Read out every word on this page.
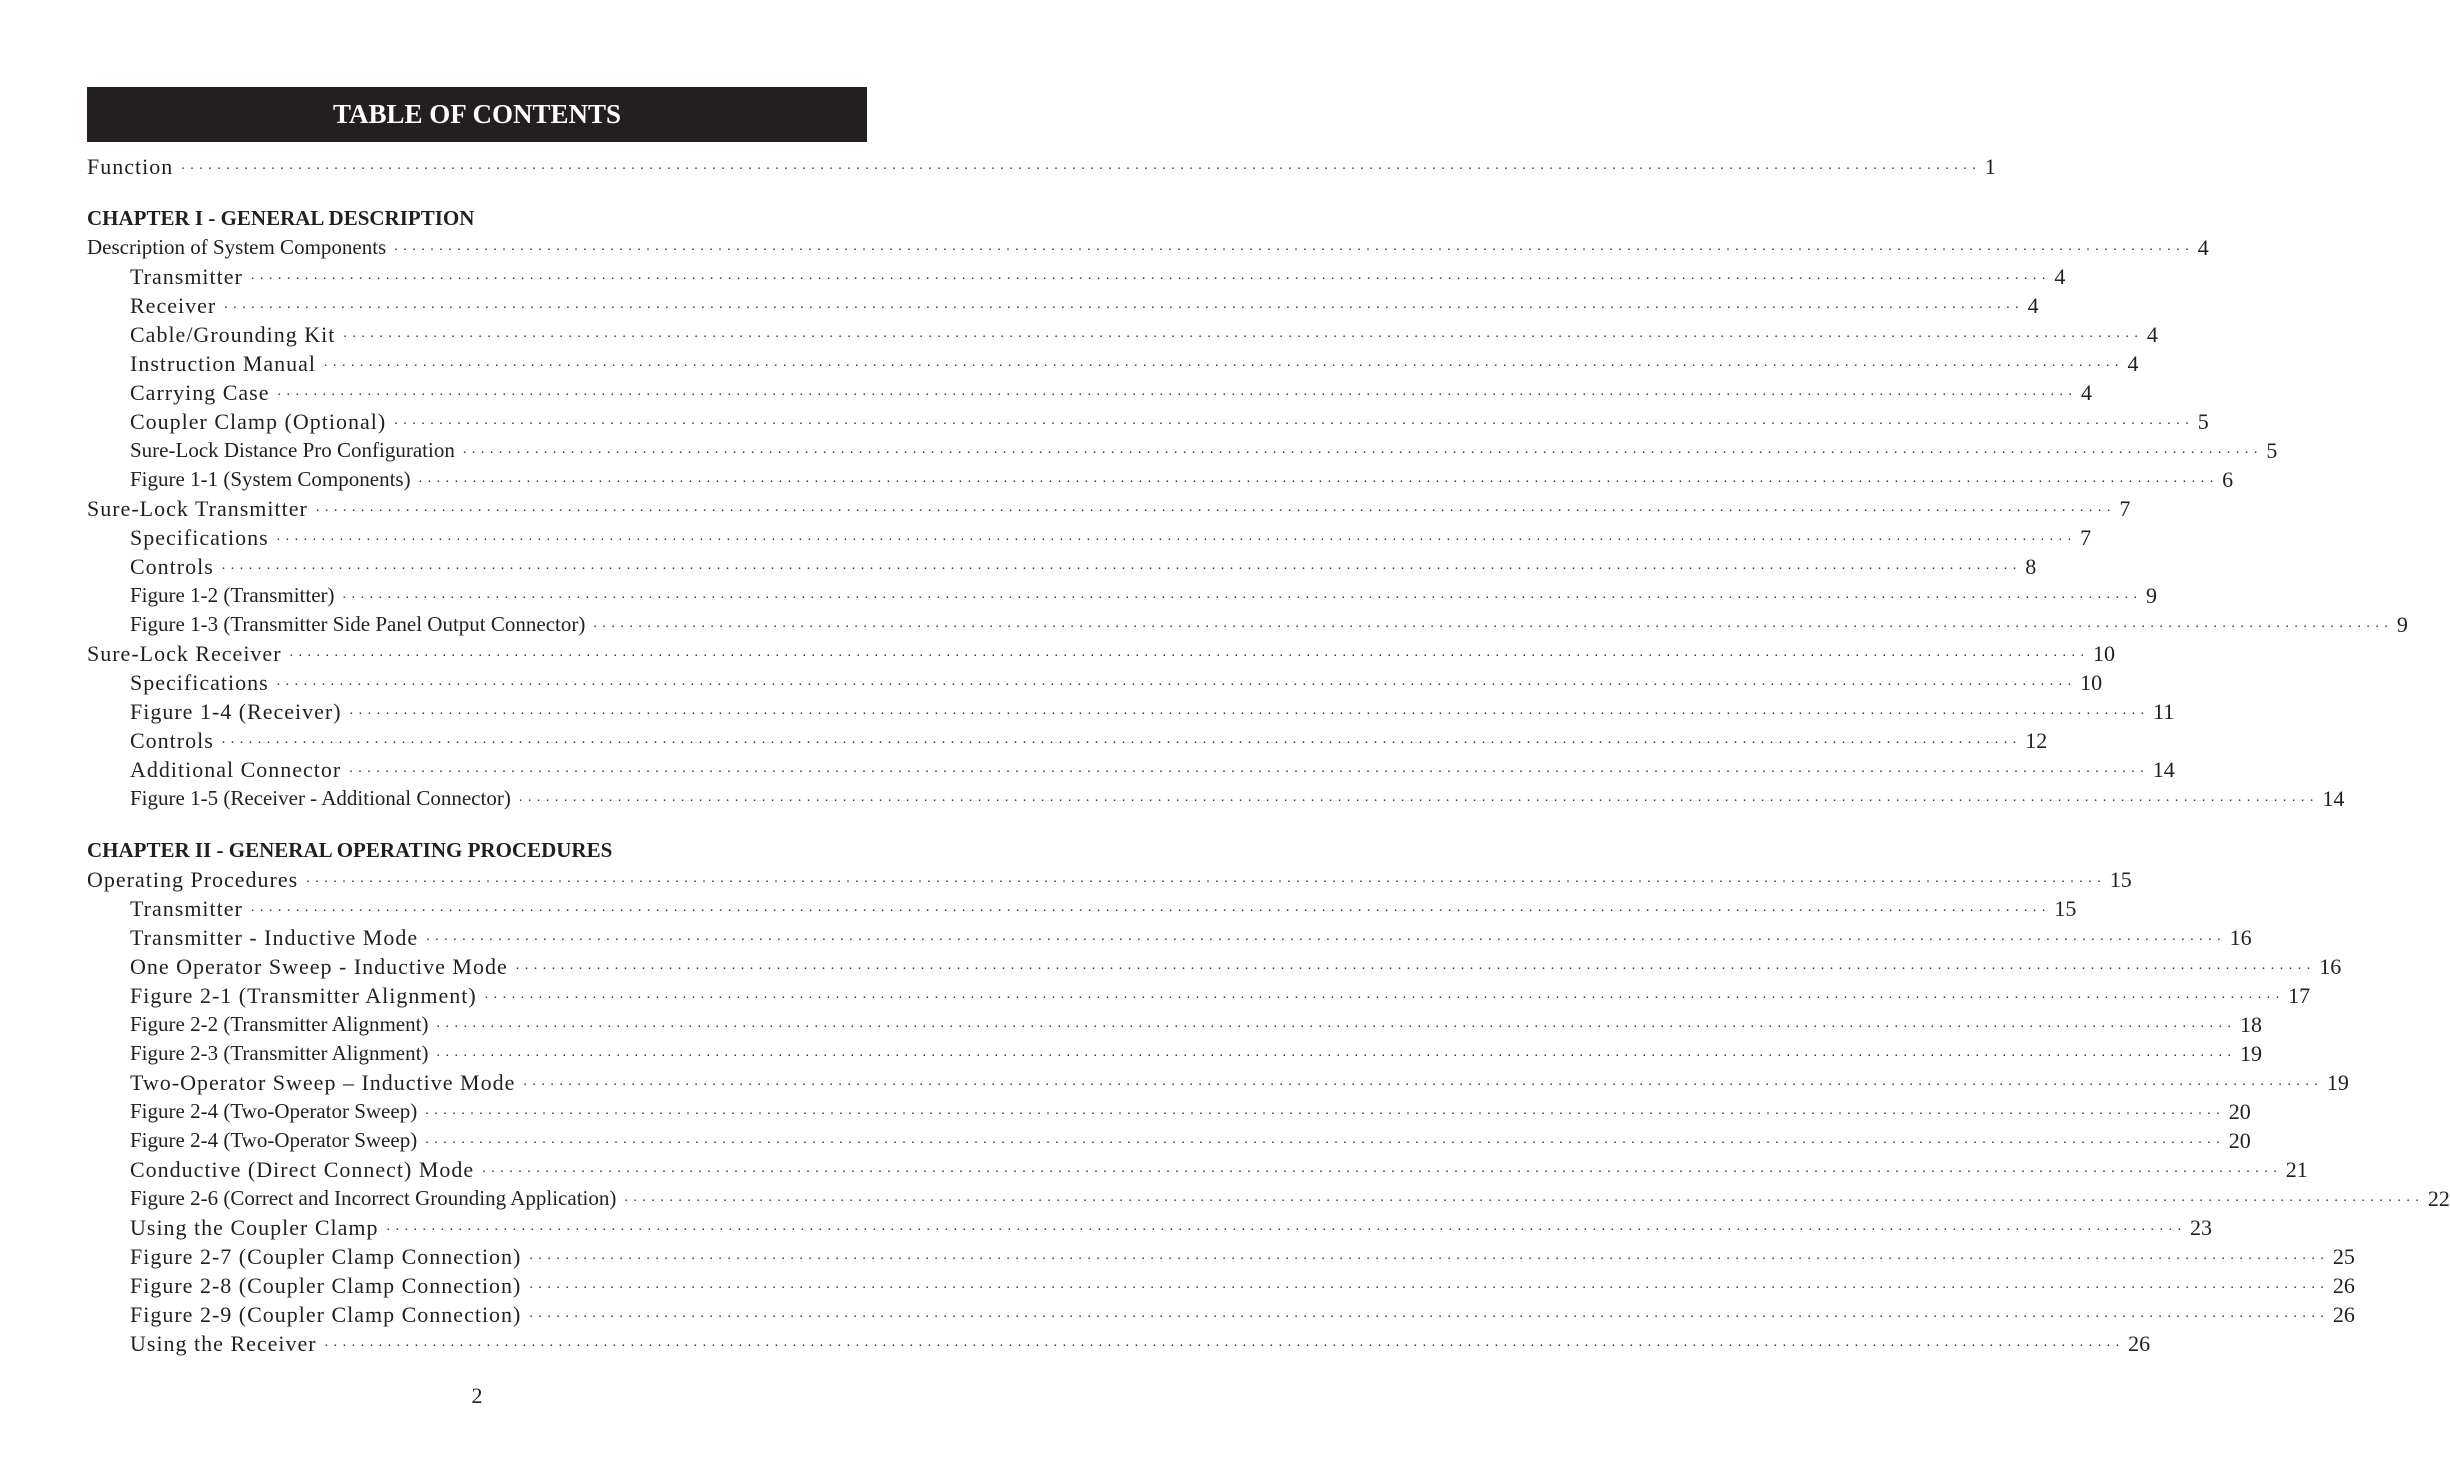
TABLE OF CONTENTS
Function . . . . . . . . . . . . . . . . . . . . . . . . . . . . . . . . . . . . . . . . . . . . . . . . . . . . . . . . . . . . . . . . . . . . . . . . . . . . . . . . . . . . . . . . . . . . . . . . . . . . . . . . . . . . . . . . . . . . . . . . . . . . . . . . . . . . . . . . . . . . . . . . . . . . . . . . . . . . . . . . . . . . . . . . . . . . . . . . . . . . . . . . . . . . . . . . . . . . . . . . 1
CHAPTER I - GENERAL DESCRIPTION
Description of System Components . . . . . . . . . . . . . . . . . . . . . . . . . . . . . . . . . . . . . . . . . . . . . . . . . . . . . . . . . . . . . . . . . . . . . . . . . . . . . . . . . . . . . . . . . . . . . . . . . . . . . . . . . . . . . . . . . . . . . . . . . . . . . . . . . . . . . . . . . . . . . . . . . . . . . . . . . . . . . . . . . . . . . . . . . . . . . . . . . . . . . . . . . . . . . . . . . . . . . . . . 4
Transmitter . . . . . . . . . . . . . . . . . . . . . . . . . . . . . . . . . . . . . . . . . . . . . . . . . . . . . . . . . . . . . . . . . . . . . . . . . . . . . . . . . . . . . . . . . . . . . . . . . . . . . . . . . . . . . . . . . . . . . . . . . . . . . . . . . . . . . . . . . . . . . . . . . . . . . . . . . . . . . . . . . . . . . . . . . . . . . . . . . . . . . . . . . . . . . . . . . . . . . . . . 4
Receiver . . . . . . . . . . . . . . . . . . . . . . . . . . . . . . . . . . . . . . . . . . . . . . . . . . . . . . . . . . . . . . . . . . . . . . . . . . . . . . . . . . . . . . . . . . . . . . . . . . . . . . . . . . . . . . . . . . . . . . . . . . . . . . . . . . . . . . . . . . . . . . . . . . . . . . . . . . . . . . . . . . . . . . . . . . . . . . . . . . . . . . . . . . . . . . . . . . . . . . . . 4
Cable/Grounding Kit . . . . . . . . . . . . . . . . . . . . . . . . . . . . . . . . . . . . . . . . . . . . . . . . . . . . . . . . . . . . . . . . . . . . . . . . . . . . . . . . . . . . . . . . . . . . . . . . . . . . . . . . . . . . . . . . . . . . . . . . . . . . . . . . . . . . . . . . . . . . . . . . . . . . . . . . . . . . . . . . . . . . . . . . . . . . . . . . . . . . . . . . . . . . . . . . . . . . . . . . 4
Instruction Manual . . . . . . . . . . . . . . . . . . . . . . . . . . . . . . . . . . . . . . . . . . . . . . . . . . . . . . . . . . . . . . . . . . . . . . . . . . . . . . . . . . . . . . . . . . . . . . . . . . . . . . . . . . . . . . . . . . . . . . . . . . . . . . . . . . . . . . . . . . . . . . . . . . . . . . . . . . . . . . . . . . . . . . . . . . . . . . . . . . . . . . . . . . . . . . . . . . . . . . . . 4
Carrying Case . . . . . . . . . . . . . . . . . . . . . . . . . . . . . . . . . . . . . . . . . . . . . . . . . . . . . . . . . . . . . . . . . . . . . . . . . . . . . . . . . . . . . . . . . . . . . . . . . . . . . . . . . . . . . . . . . . . . . . . . . . . . . . . . . . . . . . . . . . . . . . . . . . . . . . . . . . . . . . . . . . . . . . . . . . . . . . . . . . . . . . . . . . . . . . . . . . . . . . . . 4
Coupler Clamp (Optional) . . . . . . . . . . . . . . . . . . . . . . . . . . . . . . . . . . . . . . . . . . . . . . . . . . . . . . . . . . . . . . . . . . . . . . . . . . . . . . . . . . . . . . . . . . . . . . . . . . . . . . . . . . . . . . . . . . . . . . . . . . . . . . . . . . . . . . . . . . . . . . . . . . . . . . . . . . . . . . . . . . . . . . . . . . . . . . . . . . . . . . . . . . . . . . . . . . . . . . . . 5
Sure-Lock Distance Pro Configuration . . . . . . . . . . . . . . . . . . . . . . . . . . . . . . . . . . . . . . . . . . . . . . . . . . . . . . . . . . . . . . . . . . . . . . . . . . . . . . . . . . . . . . . . . . . . . . . . . . . . . . . . . . . . . . . . . . . . . . . . . . . . . . . . . . . . . . . . . . . . . . . . . . . . . . . . . . . . . . . . . . . . . . . . . . . . . . . . . . . . . . . . . . . . . . . . . . . . . . . . 5
Figure 1-1 (System Components) . . . . . . . . . . . . . . . . . . . . . . . . . . . . . . . . . . . . . . . . . . . . . . . . . . . . . . . . . . . . . . . . . . . . . . . . . . . . . . . . . . . . . . . . . . . . . . . . . . . . . . . . . . . . . . . . . . . . . . . . . . . . . . . . . . . . . . . . . . . . . . . . . . . . . . . . . . . . . . . . . . . . . . . . . . . . . . . . . . . . . . . . . . . . . . . . . . . . . . . . 6
Sure-Lock Transmitter . . . . . . . . . . . . . . . . . . . . . . . . . . . . . . . . . . . . . . . . . . . . . . . . . . . . . . . . . . . . . . . . . . . . . . . . . . . . . . . . . . . . . . . . . . . . . . . . . . . . . . . . . . . . . . . . . . . . . . . . . . . . . . . . . . . . . . . . . . . . . . . . . . . . . . . . . . . . . . . . . . . . . . . . . . . . . . . . . . . . . . . . . . . . . . . . . . . . . . . . 7
Specifications . . . . . . . . . . . . . . . . . . . . . . . . . . . . . . . . . . . . . . . . . . . . . . . . . . . . . . . . . . . . . . . . . . . . . . . . . . . . . . . . . . . . . . . . . . . . . . . . . . . . . . . . . . . . . . . . . . . . . . . . . . . . . . . . . . . . . . . . . . . . . . . . . . . . . . . . . . . . . . . . . . . . . . . . . . . . . . . . . . . . . . . . . . . . . . . . . . . . . . . . 7
Controls . . . . . . . . . . . . . . . . . . . . . . . . . . . . . . . . . . . . . . . . . . . . . . . . . . . . . . . . . . . . . . . . . . . . . . . . . . . . . . . . . . . . . . . . . . . . . . . . . . . . . . . . . . . . . . . . . . . . . . . . . . . . . . . . . . . . . . . . . . . . . . . . . . . . . . . . . . . . . . . . . . . . . . . . . . . . . . . . . . . . . . . . . . . . . . . . . . . . . . . . 8
Figure 1-2 (Transmitter) . . . . . . . . . . . . . . . . . . . . . . . . . . . . . . . . . . . . . . . . . . . . . . . . . . . . . . . . . . . . . . . . . . . . . . . . . . . . . . . . . . . . . . . . . . . . . . . . . . . . . . . . . . . . . . . . . . . . . . . . . . . . . . . . . . . . . . . . . . . . . . . . . . . . . . . . . . . . . . . . . . . . . . . . . . . . . . . . . . . . . . . . . . . . . . . . . . . . . . . . 9
Figure 1-3 (Transmitter Side Panel Output Connector) . . . . . . . . . . . . . . . . . . . . . . . . . . . . . . . . . . . . . . . . . . . . . . . . . . . . . . . . . . . . . . . . . . . . . . . . . . . . . . . . . . . . . . . . . . . . . . . . . . . . . . . . . . . . . . . . . . . . . . . . . . . . . . . . . . . . . . . . . . . . . . . . . . . . . . . . . . . . . . . . . . . . . . . . . . . . . . . . . . . . . . . . . . . . . . . . . . . . . . . . 9
Sure-Lock Receiver . . . . . . . . . . . . . . . . . . . . . . . . . . . . . . . . . . . . . . . . . . . . . . . . . . . . . . . . . . . . . . . . . . . . . . . . . . . . . . . . . . . . . . . . . . . . . . . . . . . . . . . . . . . . . . . . . . . . . . . . . . . . . . . . . . . . . . . . . . . . . . . . . . . . . . . . . . . . . . . . . . . . . . . . . . . . . . . . . . . . . . . . . . . . . . . . . . . . . . . . 10
Specifications . . . . . . . . . . . . . . . . . . . . . . . . . . . . . . . . . . . . . . . . . . . . . . . . . . . . . . . . . . . . . . . . . . . . . . . . . . . . . . . . . . . . . . . . . . . . . . . . . . . . . . . . . . . . . . . . . . . . . . . . . . . . . . . . . . . . . . . . . . . . . . . . . . . . . . . . . . . . . . . . . . . . . . . . . . . . . . . . . . . . . . . . . . . . . . . . . . . . . . . . 10
Figure 1-4 (Receiver) . . . . . . . . . . . . . . . . . . . . . . . . . . . . . . . . . . . . . . . . . . . . . . . . . . . . . . . . . . . . . . . . . . . . . . . . . . . . . . . . . . . . . . . . . . . . . . . . . . . . . . . . . . . . . . . . . . . . . . . . . . . . . . . . . . . . . . . . . . . . . . . . . . . . . . . . . . . . . . . . . . . . . . . . . . . . . . . . . . . . . . . . . . . . . . . . . . . . . . . . 11
Controls . . . . . . . . . . . . . . . . . . . . . . . . . . . . . . . . . . . . . . . . . . . . . . . . . . . . . . . . . . . . . . . . . . . . . . . . . . . . . . . . . . . . . . . . . . . . . . . . . . . . . . . . . . . . . . . . . . . . . . . . . . . . . . . . . . . . . . . . . . . . . . . . . . . . . . . . . . . . . . . . . . . . . . . . . . . . . . . . . . . . . . . . . . . . . . . . . . . . . . . . 12
Additional Connector . . . . . . . . . . . . . . . . . . . . . . . . . . . . . . . . . . . . . . . . . . . . . . . . . . . . . . . . . . . . . . . . . . . . . . . . . . . . . . . . . . . . . . . . . . . . . . . . . . . . . . . . . . . . . . . . . . . . . . . . . . . . . . . . . . . . . . . . . . . . . . . . . . . . . . . . . . . . . . . . . . . . . . . . . . . . . . . . . . . . . . . . . . . . . . . . . . . . . . . . 14
Figure 1-5 (Receiver - Additional Connector) . . . . . . . . . . . . . . . . . . . . . . . . . . . . . . . . . . . . . . . . . . . . . . . . . . . . . . . . . . . . . . . . . . . . . . . . . . . . . . . . . . . . . . . . . . . . . . . . . . . . . . . . . . . . . . . . . . . . . . . . . . . . . . . . . . . . . . . . . . . . . . . . . . . . . . . . . . . . . . . . . . . . . . . . . . . . . . . . . . . . . . . . . . . . . . . . . . . . . . . . 14
CHAPTER II - GENERAL OPERATING PROCEDURES
Operating Procedures . . . . . . . . . . . . . . . . . . . . . . . . . . . . . . . . . . . . . . . . . . . . . . . . . . . . . . . . . . . . . . . . . . . . . . . . . . . . . . . . . . . . . . . . . . . . . . . . . . . . . . . . . . . . . . . . . . . . . . . . . . . . . . . . . . . . . . . . . . . . . . . . . . . . . . . . . . . . . . . . . . . . . . . . . . . . . . . . . . . . . . . . . . . . . . . . . . . . . . . . 15
Transmitter . . . . . . . . . . . . . . . . . . . . . . . . . . . . . . . . . . . . . . . . . . . . . . . . . . . . . . . . . . . . . . . . . . . . . . . . . . . . . . . . . . . . . . . . . . . . . . . . . . . . . . . . . . . . . . . . . . . . . . . . . . . . . . . . . . . . . . . . . . . . . . . . . . . . . . . . . . . . . . . . . . . . . . . . . . . . . . . . . . . . . . . . . . . . . . . . . . . . . . . . 15
Transmitter - Inductive Mode . . . . . . . . . . . . . . . . . . . . . . . . . . . . . . . . . . . . . . . . . . . . . . . . . . . . . . . . . . . . . . . . . . . . . . . . . . . . . . . . . . . . . . . . . . . . . . . . . . . . . . . . . . . . . . . . . . . . . . . . . . . . . . . . . . . . . . . . . . . . . . . . . . . . . . . . . . . . . . . . . . . . . . . . . . . . . . . . . . . . . . . . . . . . . . . . . . . . . . . . 16
One Operator Sweep - Inductive Mode . . . . . . . . . . . . . . . . . . . . . . . . . . . . . . . . . . . . . . . . . . . . . . . . . . . . . . . . . . . . . . . . . . . . . . . . . . . . . . . . . . . . . . . . . . . . . . . . . . . . . . . . . . . . . . . . . . . . . . . . . . . . . . . . . . . . . . . . . . . . . . . . . . . . . . . . . . . . . . . . . . . . . . . . . . . . . . . . . . . . . . . . . . . . . . . . . . . . . . . . 16
Figure 2-1 (Transmitter Alignment) . . . . . . . . . . . . . . . . . . . . . . . . . . . . . . . . . . . . . . . . . . . . . . . . . . . . . . . . . . . . . . . . . . . . . . . . . . . . . . . . . . . . . . . . . . . . . . . . . . . . . . . . . . . . . . . . . . . . . . . . . . . . . . . . . . . . . . . . . . . . . . . . . . . . . . . . . . . . . . . . . . . . . . . . . . . . . . . . . . . . . . . . . . . . . . . . . . . . . . . . 17
Figure 2-2 (Transmitter Alignment) . . . . . . . . . . . . . . . . . . . . . . . . . . . . . . . . . . . . . . . . . . . . . . . . . . . . . . . . . . . . . . . . . . . . . . . . . . . . . . . . . . . . . . . . . . . . . . . . . . . . . . . . . . . . . . . . . . . . . . . . . . . . . . . . . . . . . . . . . . . . . . . . . . . . . . . . . . . . . . . . . . . . . . . . . . . . . . . . . . . . . . . . . . . . . . . . . . . . . . . . 18
Figure 2-3 (Transmitter Alignment) . . . . . . . . . . . . . . . . . . . . . . . . . . . . . . . . . . . . . . . . . . . . . . . . . . . . . . . . . . . . . . . . . . . . . . . . . . . . . . . . . . . . . . . . . . . . . . . . . . . . . . . . . . . . . . . . . . . . . . . . . . . . . . . . . . . . . . . . . . . . . . . . . . . . . . . . . . . . . . . . . . . . . . . . . . . . . . . . . . . . . . . . . . . . . . . . . . . . . . . . 19
Two-Operator Sweep – Inductive Mode . . . . . . . . . . . . . . . . . . . . . . . . . . . . . . . . . . . . . . . . . . . . . . . . . . . . . . . . . . . . . . . . . . . . . . . . . . . . . . . . . . . . . . . . . . . . . . . . . . . . . . . . . . . . . . . . . . . . . . . . . . . . . . . . . . . . . . . . . . . . . . . . . . . . . . . . . . . . . . . . . . . . . . . . . . . . . . . . . . . . . . . . . . . . . . . . . . . . . . . . 19
Figure 2-4 (Two-Operator Sweep) . . . . . . . . . . . . . . . . . . . . . . . . . . . . . . . . . . . . . . . . . . . . . . . . . . . . . . . . . . . . . . . . . . . . . . . . . . . . . . . . . . . . . . . . . . . . . . . . . . . . . . . . . . . . . . . . . . . . . . . . . . . . . . . . . . . . . . . . . . . . . . . . . . . . . . . . . . . . . . . . . . . . . . . . . . . . . . . . . . . . . . . . . . . . . . . . . . . . . . . . 20
Figure 2-4 (Two-Operator Sweep) . . . . . . . . . . . . . . . . . . . . . . . . . . . . . . . . . . . . . . . . . . . . . . . . . . . . . . . . . . . . . . . . . . . . . . . . . . . . . . . . . . . . . . . . . . . . . . . . . . . . . . . . . . . . . . . . . . . . . . . . . . . . . . . . . . . . . . . . . . . . . . . . . . . . . . . . . . . . . . . . . . . . . . . . . . . . . . . . . . . . . . . . . . . . . . . . . . . . . . . . 20
Conductive (Direct Connect) Mode . . . . . . . . . . . . . . . . . . . . . . . . . . . . . . . . . . . . . . . . . . . . . . . . . . . . . . . . . . . . . . . . . . . . . . . . . . . . . . . . . . . . . . . . . . . . . . . . . . . . . . . . . . . . . . . . . . . . . . . . . . . . . . . . . . . . . . . . . . . . . . . . . . . . . . . . . . . . . . . . . . . . . . . . . . . . . . . . . . . . . . . . . . . . . . . . . . . . . . . . 21
Figure 2-6 (Correct and Incorrect Grounding Application) . . . . . . . . . . . . . . . . . . . . . . . . . . . . . . . . . . . . . . . . . . . . . . . . . . . . . . . . . . . . . . . . . . . . . . . . . . . . . . . . . . . . . . . . . . . . . . . . . . . . . . . . . . . . . . . . . . . . . . . . . . . . . . . . . . . . . . . . . . . . . . . . . . . . . . . . . . . . . . . . . . . . . . . . . . . . . . . . . . . . . . . . . . . . . . . . . . . . . . . . 22
Using the Coupler Clamp . . . . . . . . . . . . . . . . . . . . . . . . . . . . . . . . . . . . . . . . . . . . . . . . . . . . . . . . . . . . . . . . . . . . . . . . . . . . . . . . . . . . . . . . . . . . . . . . . . . . . . . . . . . . . . . . . . . . . . . . . . . . . . . . . . . . . . . . . . . . . . . . . . . . . . . . . . . . . . . . . . . . . . . . . . . . . . . . . . . . . . . . . . . . . . . . . . . . . . . . 23
Figure 2-7 (Coupler Clamp Connection) . . . . . . . . . . . . . . . . . . . . . . . . . . . . . . . . . . . . . . . . . . . . . . . . . . . . . . . . . . . . . . . . . . . . . . . . . . . . . . . . . . . . . . . . . . . . . . . . . . . . . . . . . . . . . . . . . . . . . . . . . . . . . . . . . . . . . . . . . . . . . . . . . . . . . . . . . . . . . . . . . . . . . . . . . . . . . . . . . . . . . . . . . . . . . . . . . . . . . . . . 25
Figure 2-8 (Coupler Clamp Connection) . . . . . . . . . . . . . . . . . . . . . . . . . . . . . . . . . . . . . . . . . . . . . . . . . . . . . . . . . . . . . . . . . . . . . . . . . . . . . . . . . . . . . . . . . . . . . . . . . . . . . . . . . . . . . . . . . . . . . . . . . . . . . . . . . . . . . . . . . . . . . . . . . . . . . . . . . . . . . . . . . . . . . . . . . . . . . . . . . . . . . . . . . . . . . . . . . . . . . . . . 26
Figure 2-9 (Coupler Clamp Connection) . . . . . . . . . . . . . . . . . . . . . . . . . . . . . . . . . . . . . . . . . . . . . . . . . . . . . . . . . . . . . . . . . . . . . . . . . . . . . . . . . . . . . . . . . . . . . . . . . . . . . . . . . . . . . . . . . . . . . . . . . . . . . . . . . . . . . . . . . . . . . . . . . . . . . . . . . . . . . . . . . . . . . . . . . . . . . . . . . . . . . . . . . . . . . . . . . . . . . . . . 26
Using the Receiver . . . . . . . . . . . . . . . . . . . . . . . . . . . . . . . . . . . . . . . . . . . . . . . . . . . . . . . . . . . . . . . . . . . . . . . . . . . . . . . . . . . . . . . . . . . . . . . . . . . . . . . . . . . . . . . . . . . . . . . . . . . . . . . . . . . . . . . . . . . . . . . . . . . . . . . . . . . . . . . . . . . . . . . . . . . . . . . . . . . . . . . . . . . . . . . . . . . . . . . . 26
2
